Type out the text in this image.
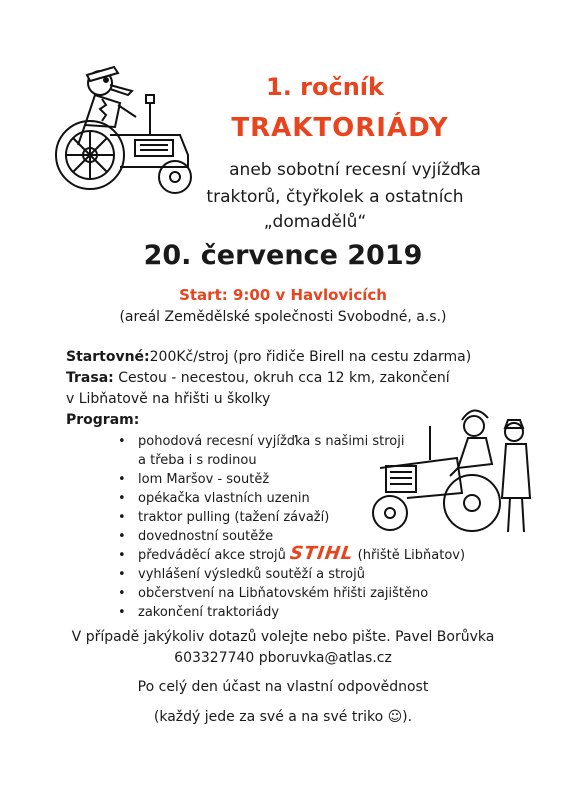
1. ročník
TRAKTORIÁDY
aneb sobotní recesní vyjížďka
traktorů, čtyřkolek a ostatních
„domadělů“
20. července 2019
Start: 9:00 v Havlovicích
(areál Zemědělské společnosti Svobodné, a.s.)
Startovné:200Kč/stroj (pro řidiče Birell na cestu zdarma)
Trasa: Cestou - necestou, okruh cca 12 km, zakončení
v Libňatově na hřišti u školky
Program:
• pohodová recesní vyjížďka s našimi stroji
a třeba i s rodinou
• lom Maršov - soutěž
• opékačka vlastních uzenin
• traktor pulling (tažení závaží)
• dovednostní soutěže
• předváděcí akce strojů STIHL (hřiště Libňatov)
• vyhlášení výsledků soutěží a strojů
• občerstvení na Libňatovském hřišti zajištěno
• zakončení traktoriády
V případě jakýkoliv dotazů volejte nebo pište. Pavel Borůvka
603327740 pboruvka@atlas.cz
Po celý den účast na vlastní odpovědnost
(každý jede za své a na své triko ☺).
